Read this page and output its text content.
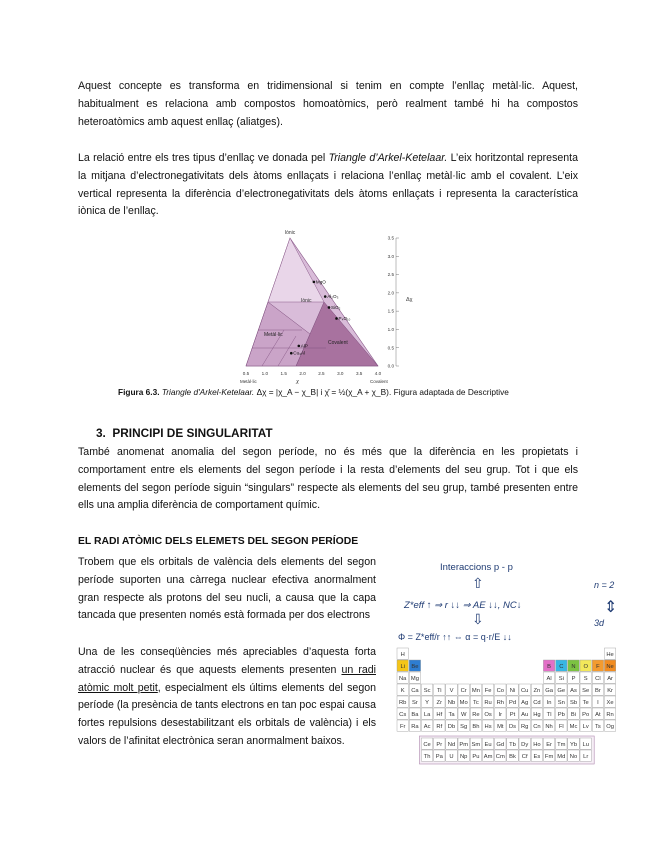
Aquest concepte es transforma en tridimensional si tenim en compte l’enllaç metàl·lic. Aquest, habitualment es relaciona amb compostos homoatòmics, però realment també hi ha compostos heteroatòmics amb aquest enllaç (aliatges).

La relació entre els tres tipus d’enllaç ve donada pel Triangle d’Arkel-Ketelaar. L’eix horitzontal representa la mitjana d’electronegativitats dels àtoms enllaçats i relaciona l’enllaç metàl·lic amb el covalent. L’eix vertical representa la diferència d’electronegativitats dels àtoms enllaçats i representa la característica iònica de l’enllaç.

Iònic
Iònic
Metàl·lic
Covalent
MgO
Al₂O₃
SiO₂
P₄O₁₀
AlP
Cu₃Al
0.5	1.0	1.5	2.0	2.5	3.0	3.5	4.0
0.0
0.5
1.0
1.5
2.0
2.5
3.0
3.5
χ
Δχ
Metàl·lic	Covalent
Figura 6.3. Triangle d'Arkel-Ketelaar. Δχ = |χ_A − χ_B| i χ̄ = ½(χ_A + χ_B). Figura adaptada de Descriptive
3. PRINCIPI DE SINGULARITAT

També anomenat anomalia del segon període, no és més que la diferència en les propietats i comportament entre els elements del segon període i la resta d’elements del seu grup. Tot i que els elements del segon període siguin “singulars” respecte als elements del seu grup, també presenten entre ells una amplia diferència de comportament químic.

EL RADI ATÒMIC DELS ELEMETS DEL SEGON PERÍODE

Trobem que els orbitals de valència dels elements del segon període suporten una càrrega nuclear efectiva anormalment gran respecte als protons del seu nucli, a causa que la capa tancada que presenten només està formada per dos electrons

Una de les conseqüències més apreciables d’aquesta forta atracció nuclear és que aquests elements presenten un radi atòmic molt petit, especialment els últims elements del segon període (la presència de tants electrons en tan poc espai causa fortes repulsions desestabilitzant els orbitals de valència) i els valors de l’afinitat electrònica seran anormalment baixos.

Interaccions p - p
⇧	n = 2
Z*eff ↑ ⇒ r ↓↓ ⇒ AE ↓↓, NC↓	⇕
⇩	3d
Φ = Z*eff/r ↑↑ ⇔ α = q·r/E ↓↓
H	He
Li Be	B C N O F Ne
Na Mg	Al Si P S Cl Ar
K Ca Sc Ti V Cr Mn Fe Co Ni Cu Zn Ga Ge As Se Br Kr
Rb Sr Y Zr Nb Mo Tc Ru Rh Pd Ag Cd In Sn Sb Te I Xe
Cs Ba La Hf Ta W Re Os Ir Pt Au Hg Tl Pb Bi Po At Rn
Fr Ra Ac Rf Db Sg Bh Hs Mt Ds Rg Cn Nh Fl Mc Lv Ts Og
Ce Pr Nd Pm Sm Eu Gd Tb Dy Ho Er Tm Yb Lu
Th Pa U Np Pu Am Cm Bk Cf Es Fm Md No Lr
